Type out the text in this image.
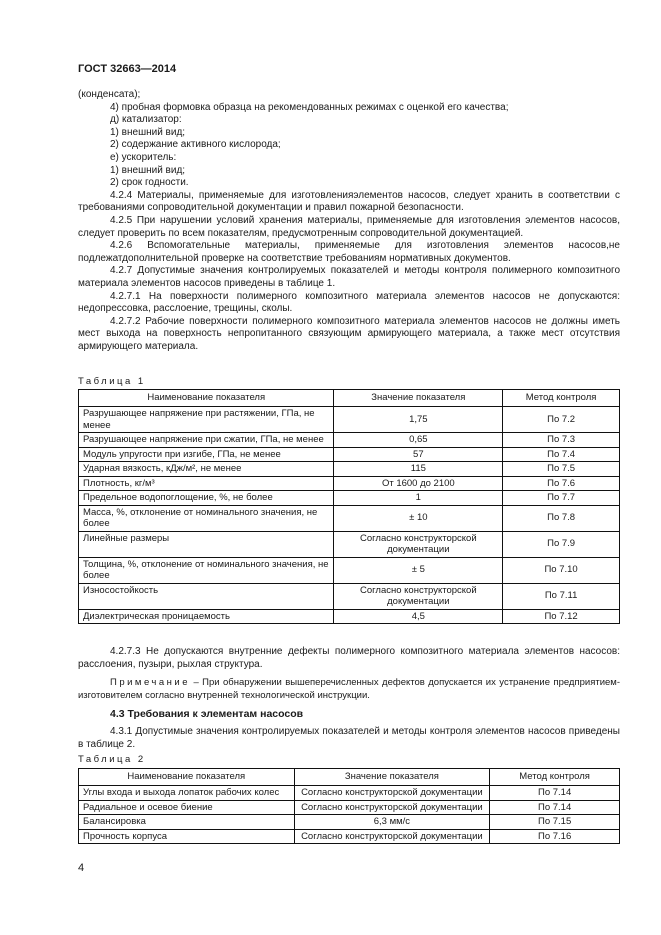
ГОСТ 32663—2014

(конденсата);

4) пробная формовка образца на рекомендованных режимах с оценкой его качества;

д) катализатор:

1) внешний вид;

2) содержание активного кислорода;

е) ускоритель:

1) внешний вид;

2) срок годности.

4.2.4 Материалы, применяемые для изготовленияэлементов насосов, следует хранить в соответствии с требованиями сопроводительной документации и правил пожарной безопасности.

4.2.5 При нарушении условий хранения материалы, применяемые для изготовления элементов насосов, следует проверить по всем показателям, предусмотренным сопроводительной документацией.

4.2.6 Вспомогательные материалы, применяемые для изготовления элементов насосов,не подлежатдополнительной проверке на соответствие требованиям нормативных документов.

4.2.7 Допустимые значения контролируемых показателей и методы контроля полимерного композитного материала элементов насосов приведены в таблице 1.

4.2.7.1 На поверхности полимерного композитного материала элементов насосов не допускаются: недопрессовка, расслоение, трещины, сколы.

4.2.7.2 Рабочие поверхности полимерного композитного материала элементов насосов не должны иметь мест выхода на поверхность непропитанного связующим армирующего материала, а также мест отсутствия армирующего материала.

Таблица 1
Наименование показателя	Значение показателя	Метод контроля
Разрушающее напряжение при растяжении, ГПа, не менее	1,75	По 7.2
Разрушающее напряжение при сжатии, ГПа, не менее	0,65	По 7.3
Модуль упругости при изгибе, ГПа, не менее	57	По 7.4
Ударная вязкость, кДж/м², не менее	115	По 7.5
Плотность, кг/м³	От 1600 до 2100	По 7.6
Предельное водопоглощение, %, не более	1	По 7.7
Масса, %, отклонение от номинального значения, не более	± 10	По 7.8
Линейные размеры	Согласно конструкторской документации	По 7.9
Толщина, %, отклонение от номинального значения, не более	± 5	По 7.10
Износостойкость	Согласно конструкторской документации	По 7.11
Диэлектрическая проницаемость	4,5	По 7.12

4.2.7.3 Не допускаются внутренние дефекты полимерного композитного материала элементов насосов: расслоения, пузыри, рыхлая структура.

Примечание – При обнаружении вышеперечисленных дефектов допускается их устранение предприятием-изготовителем согласно внутренней технологической инструкции.

4.3 Требования к элементам насосов

4.3.1 Допустимые значения контролируемых показателей и методы контроля элементов насосов приведены в таблице 2.

Таблица 2
Наименование показателя	Значение показателя	Метод контроля
Углы входа и выхода лопаток рабочих колес	Согласно конструкторской документации	По 7.14
Радиальное и осевое биение	Согласно конструкторской документации	По 7.14
Балансировка	6,3 мм/с	По 7.15
Прочность корпуса	Согласно конструкторской документации	По 7.16
4
